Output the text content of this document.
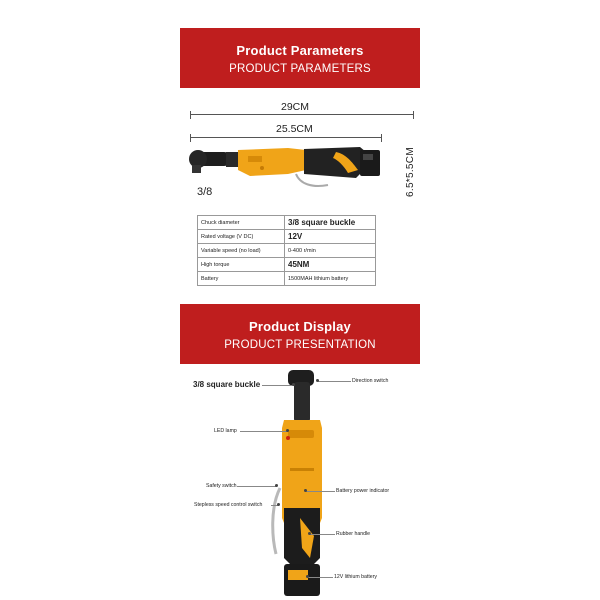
Product Parameters
PRODUCT PARAMETERS
29CM
25.5CM
6.5*5.5CM
3/8
Chuck diameter	3/8 square buckle
Rated voltage (V DC)	12V
Variable speed (no load)	0-400 r/min
High torque	45NM
Battery	1500MAH lithium battery
Product Display
PRODUCT PRESENTATION
3/8 square buckle	Direction switch
LED lamp
Battery power indicator
Safety switch
Stepless speed control switch
Rubber handle
12V lithium battery
